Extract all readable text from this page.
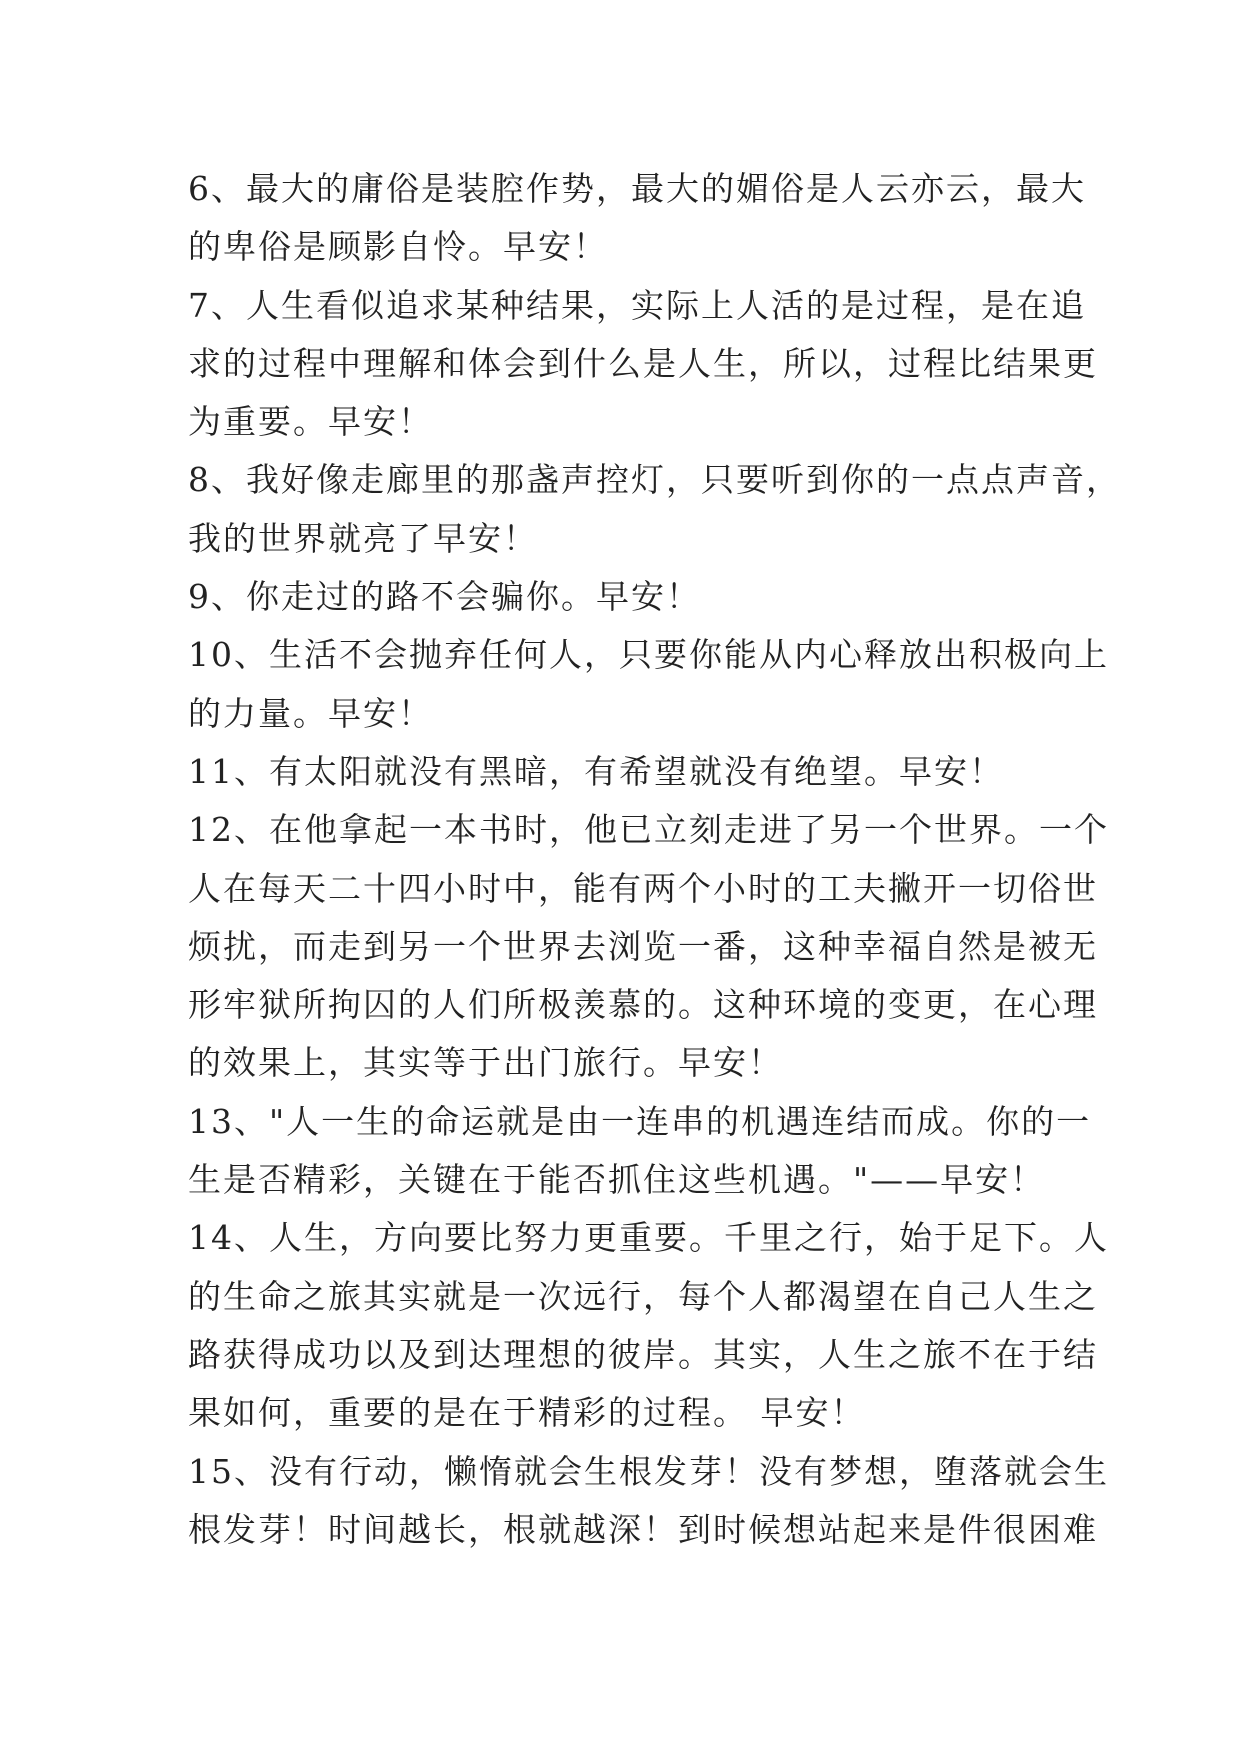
6、最大的庸俗是装腔作势，最大的媚俗是人云亦云，最大
的卑俗是顾影自怜。早安！
7、人生看似追求某种结果，实际上人活的是过程，是在追
求的过程中理解和体会到什么是人生，所以，过程比结果更
为重要。早安！
8、我好像走廊里的那盏声控灯，只要听到你的一点点声音，
我的世界就亮了早安！
9、你走过的路不会骗你。早安！
10、生活不会抛弃任何人，只要你能从内心释放出积极向上
的力量。早安！
11、有太阳就没有黑暗，有希望就没有绝望。早安！
12、在他拿起一本书时，他已立刻走进了另一个世界。一个
人在每天二十四小时中，能有两个小时的工夫撇开一切俗世
烦扰，而走到另一个世界去浏览一番，这种幸福自然是被无
形牢狱所拘囚的人们所极羡慕的。这种环境的变更，在心理
的效果上，其实等于出门旅行。早安！
13、"人一生的命运就是由一连串的机遇连结而成。你的一
生是否精彩，关键在于能否抓住这些机遇。"——早安！
14、人生，方向要比努力更重要。千里之行，始于足下。人
的生命之旅其实就是一次远行，每个人都渴望在自己人生之
路获得成功以及到达理想的彼岸。其实，人生之旅不在于结
果如何，重要的是在于精彩的过程。 早安！
15、没有行动，懒惰就会生根发芽！没有梦想，堕落就会生
根发芽！时间越长，根就越深！到时候想站起来是件很困难
